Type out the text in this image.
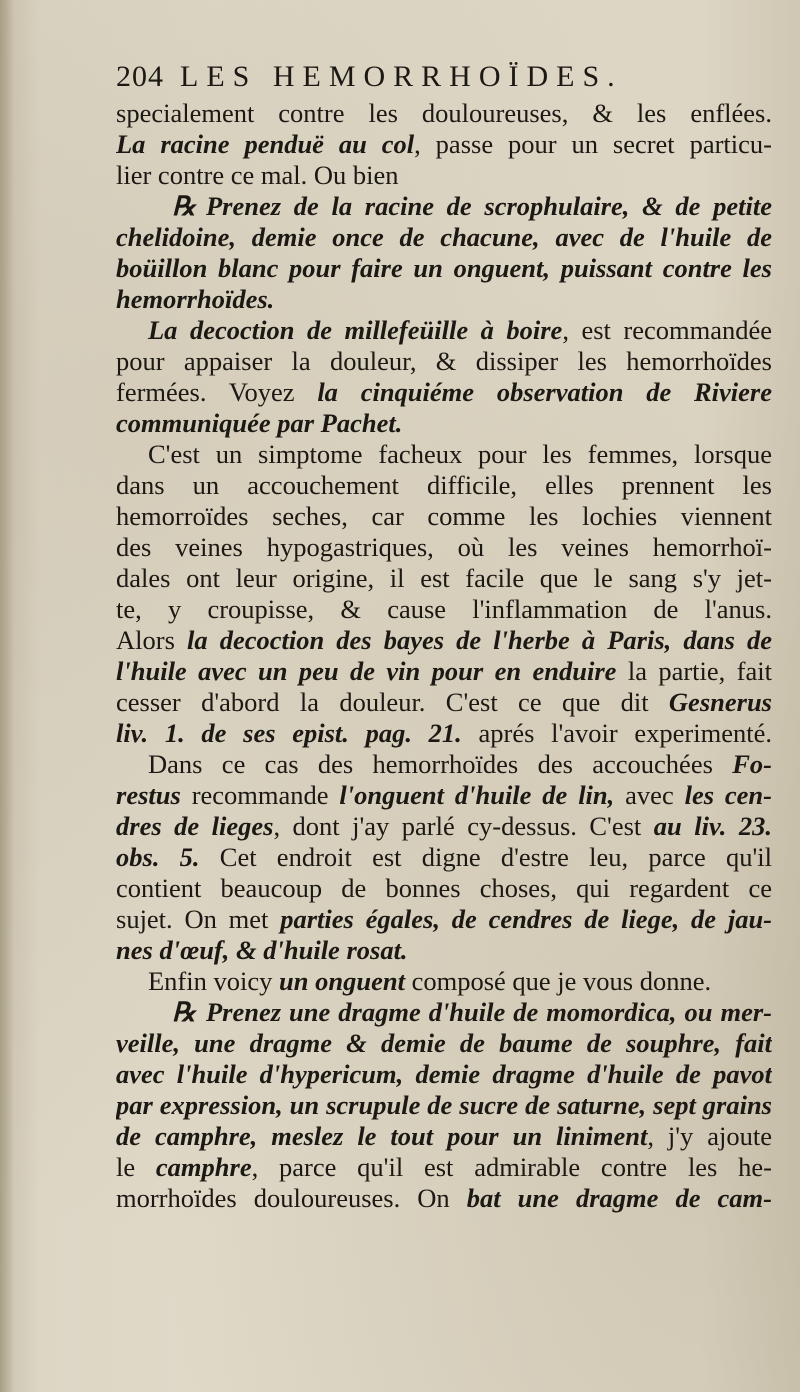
204 LES HEMORRHOÏDES.
specialement contre les douloureuses, & les enflées.
La racine penduë au col, passe pour un secret particu-
lier contre ce mal. Ou bien
℞ Prenez de la racine de scrophulaire, & de petite
chelidoine, demie once de chacune, avec de l'huile de
boüillon blanc pour faire un onguent, puissant contre les
hemorrhoïdes.
La decoction de millefeüille à boire, est recommandée
pour appaiser la douleur, & dissiper les hemorrhoïdes
fermées. Voyez la cinquiéme observation de Riviere
communiquée par Pachet.
C'est un simptome facheux pour les femmes, lorsque
dans un accouchement difficile, elles prennent les
hemorroïdes seches, car comme les lochies viennent
des veines hypogastriques, où les veines hemorrhoï-
dales ont leur origine, il est facile que le sang s'y jet-
te, y croupisse, & cause l'inflammation de l'anus.
Alors la decoction des bayes de l'herbe à Paris, dans de
l'huile avec un peu de vin pour en enduire la partie, fait
cesser d'abord la douleur. C'est ce que dit Gesnerus
liv. 1. de ses epist. pag. 21. aprés l'avoir experimenté.
Dans ce cas des hemorrhoïdes des accouchées Fo-
restus recommande l'onguent d'huile de lin, avec les cen-
dres de lieges, dont j'ay parlé cy-dessus. C'est au liv. 23.
obs. 5. Cet endroit est digne d'estre leu, parce qu'il
contient beaucoup de bonnes choses, qui regardent ce
sujet. On met parties égales, de cendres de liege, de jau-
nes d'œuf, & d'huile rosat.
Enfin voicy un onguent composé que je vous donne.
℞ Prenez une dragme d'huile de momordica, ou mer-
veille, une dragme & demie de baume de souphre, fait
avec l'huile d'hypericum, demie dragme d'huile de pavot
par expression, un scrupule de sucre de saturne, sept grains
de camphre, meslez le tout pour un liniment, j'y ajoute
le camphre, parce qu'il est admirable contre les he-
morrhoïdes douloureuses. On bat une dragme de cam-
